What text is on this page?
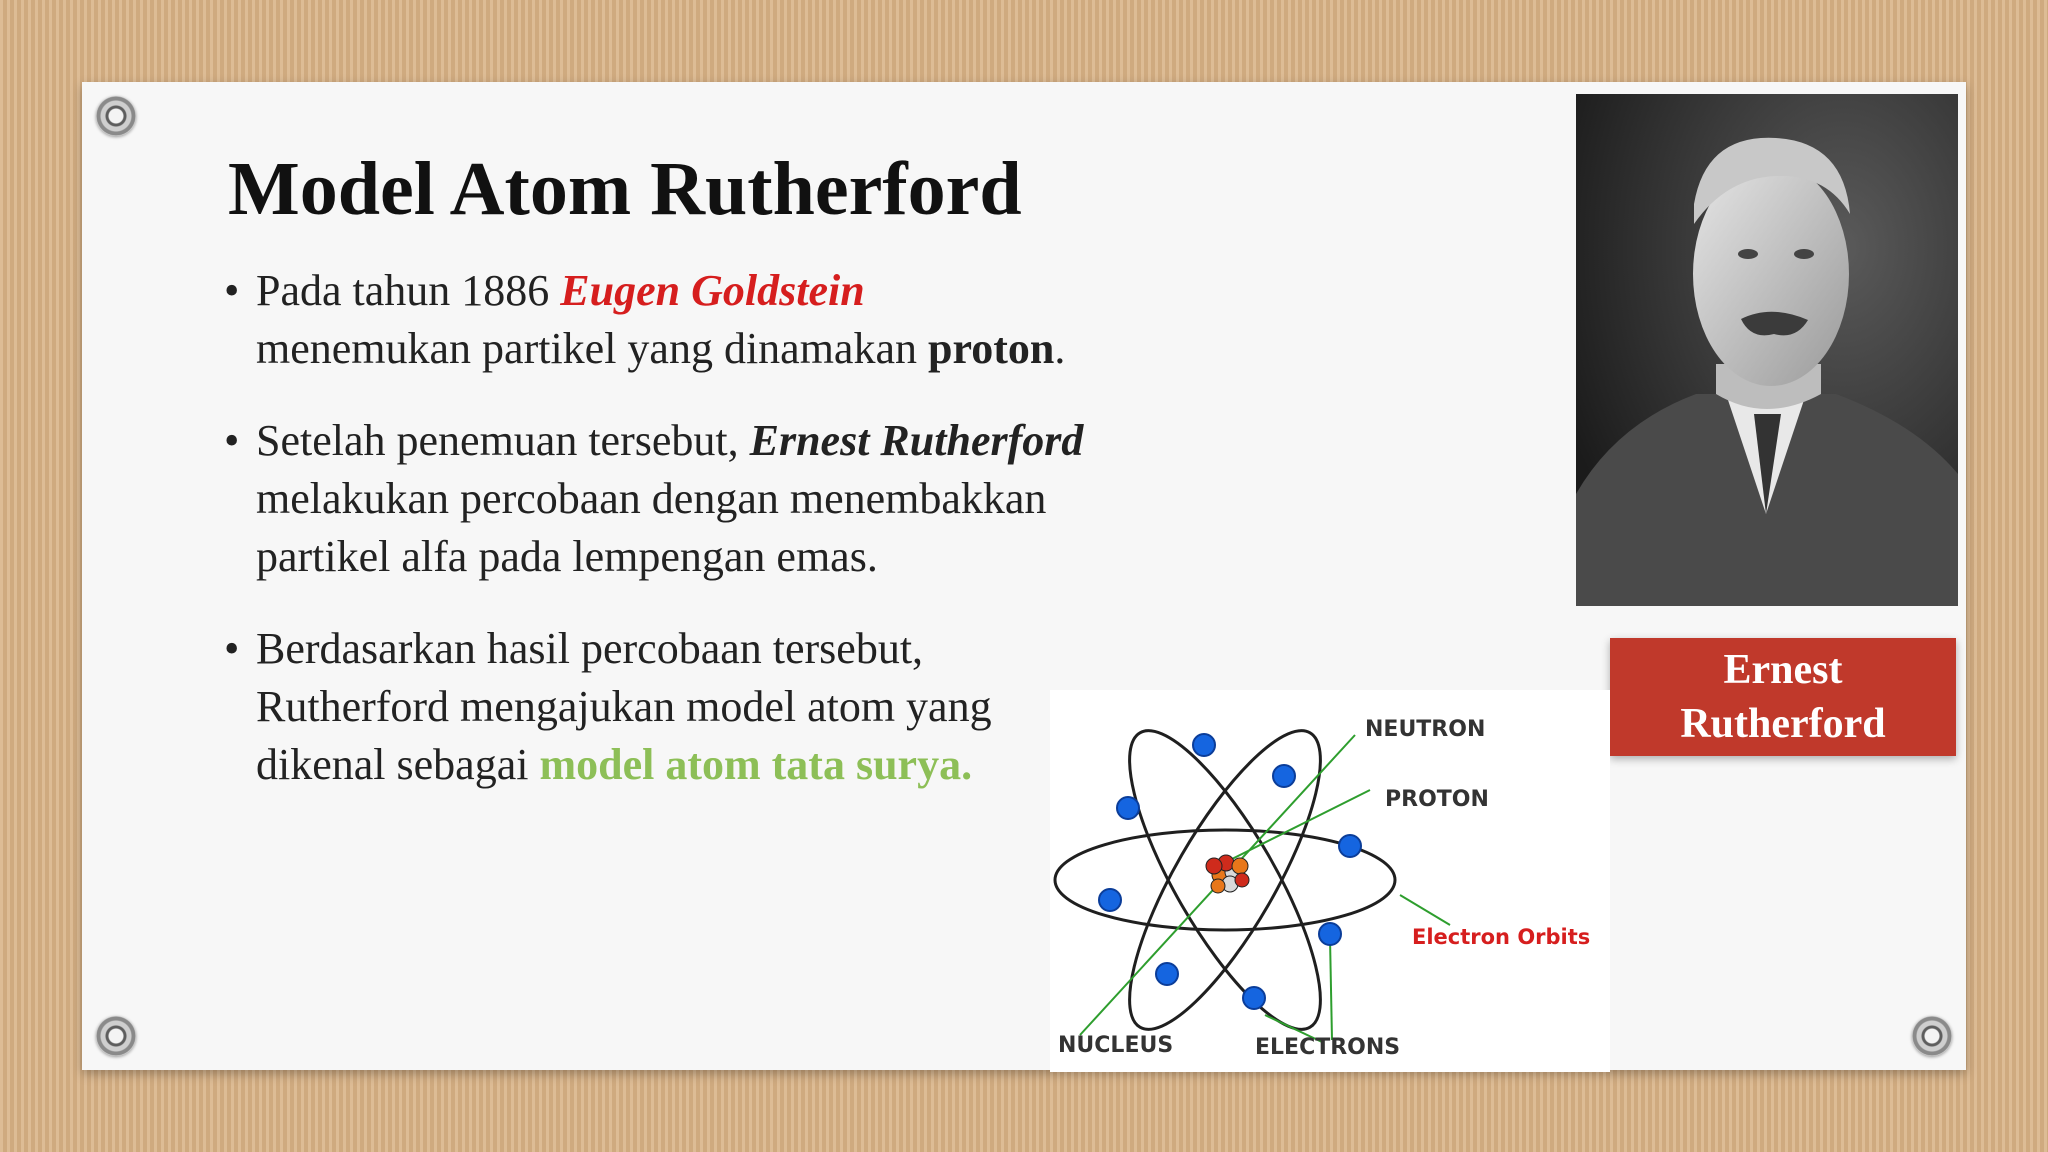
Model Atom Rutherford
• Pada tahun 1886 Eugen Goldstein
menemukan partikel yang dinamakan proton.
• Setelah penemuan tersebut, Ernest Rutherford melakukan percobaan dengan menembakkan partikel alfa pada lempengan emas.
• Berdasarkan hasil percobaan tersebut, Rutherford mengajukan model atom yang dikenal sebagai model atom tata surya.
Ernest
Rutherford
NEUTRON
PROTON
Electron Orbits
NUCLEUS	ELECTRONS
